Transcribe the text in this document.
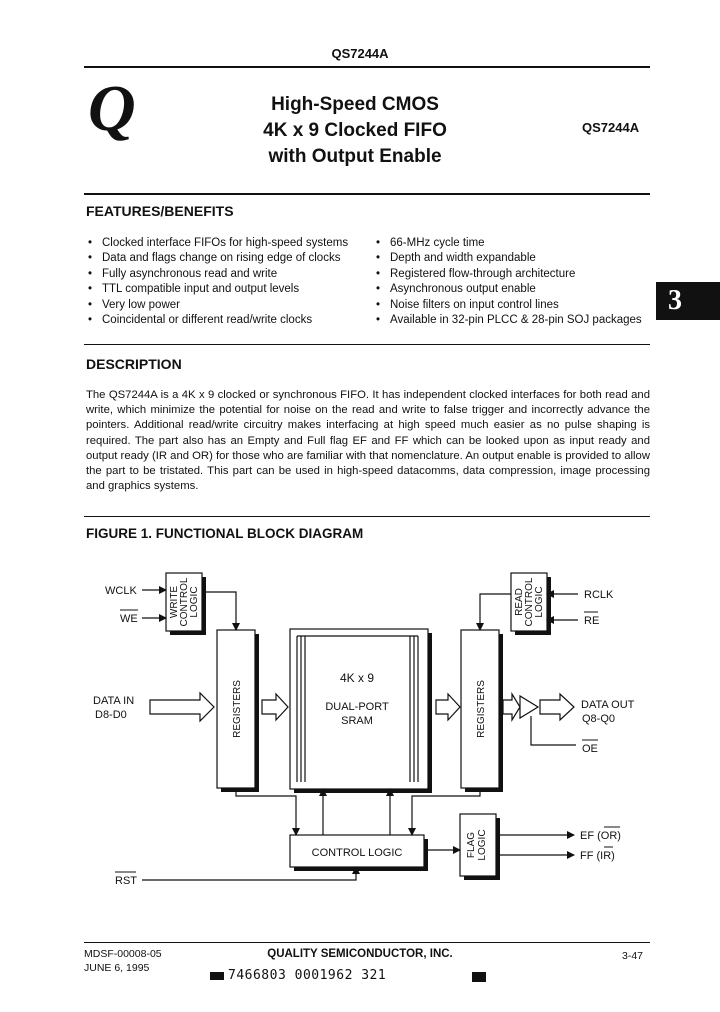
QS7244A
Q	High-Speed CMOS
4K x 9 Clocked FIFO
with Output Enable
QS7244A
FEATURES/BENEFITS
• Clocked interface FIFOs for high-speed systems
• Data and flags change on rising edge of clocks
• Fully asynchronous read and write
• TTL compatible input and output levels
• Very low power
• Coincidental or different read/write clocks
• 66-MHz cycle time
• Depth and width expandable
• Registered flow-through architecture
• Asynchronous output enable
• Noise filters on input control lines
• Available in 32-pin PLCC & 28-pin SOJ packages
3
DESCRIPTION
The QS7244A is a 4K x 9 clocked or synchronous FIFO. It has independent clocked interfaces for both read and write, which minimize the potential for noise on the read and write to false trigger and incorrectly advance the pointers. Additional read/write circuitry makes interfacing at high speed much easier as no pulse shaping is required. The part also has an Empty and Full flag EF and FF which can be looked upon as input ready and output ready (IR and OR) for those who are familiar with that nomenclature. An output enable is provided to allow the part to be tristated. This part can be used in high-speed datacomms, data compression, image processing and graphics systems.
FIGURE 1. FUNCTIONAL BLOCK DIAGRAM
WRITE CONTROL LOGIC	READ CONTROL LOGIC
REGISTERS	REGISTERS
4K x 9
DUAL-PORT
SRAM
CONTROL LOGIC	FLAG LOGIC
WCLK
WE
DATA IN
D8-D0
RST
RCLK
RE
DATA OUT
Q8-Q0
OE
EF (OR)
FF (IR)
MDSF-00008-05
JUNE 6, 1995
QUALITY SEMICONDUCTOR, INC.	3-47
7466803 0001962 321
